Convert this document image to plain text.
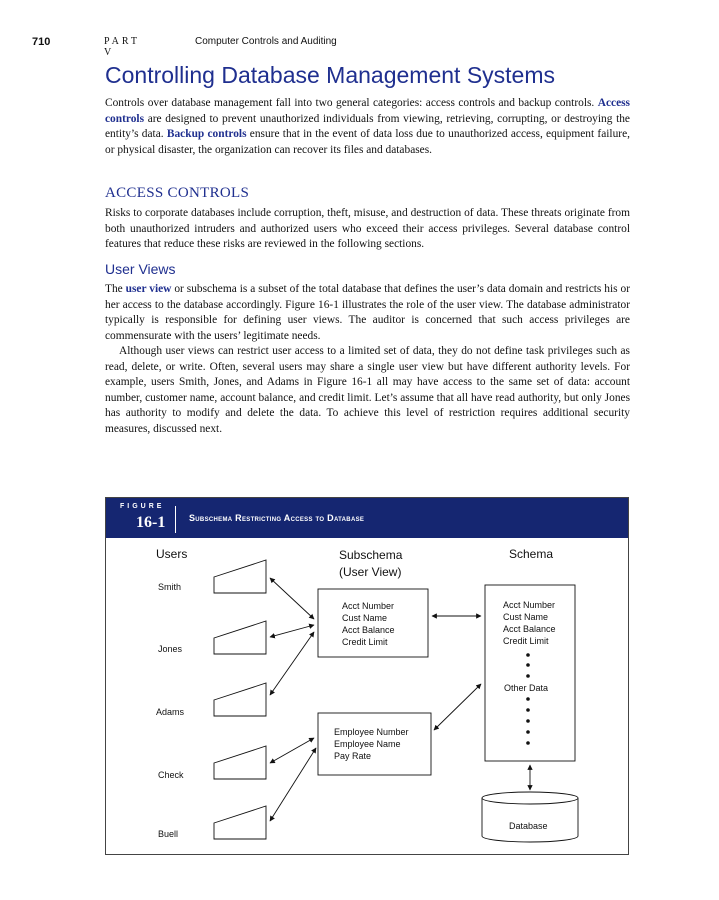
710	PART V
Computer Controls and Auditing
Controlling Database Management Systems

Controls over database management fall into two general categories: access controls and backup controls. Access controls are designed to prevent unauthorized individuals from viewing, retrieving, corrupting, or destroying the entity’s data. Backup controls ensure that in the event of data loss due to unauthorized access, equipment failure, or physical disaster, the organization can recover its files and databases.

ACCESS CONTROLS

Risks to corporate databases include corruption, theft, misuse, and destruction of data. These threats originate from both unauthorized intruders and authorized users who exceed their access privileges. Several database control features that reduce these risks are reviewed in the following sections.

User Views

The user view or subschema is a subset of the total database that defines the user’s data domain and restricts his or her access to the database accordingly. Figure 16-1 illustrates the role of the user view. The database administrator typically is responsible for defining user views. The auditor is concerned that such access privileges are commensurate with the users’ legitimate needs.

Although user views can restrict user access to a limited set of data, they do not define task privileges such as read, delete, or write. Often, several users may share a single user view but have different authority levels. For example, users Smith, Jones, and Adams in Figure 16-1 all may have access to the same set of data: account number, customer name, account balance, and credit limit. Let’s assume that all have read authority, but only Jones has authority to modify and delete the data. To achieve this level of restriction requires additional security measures, discussed next.

FIGURE
16-1	Subschema Restricting Access to Database
Users	Subschema
(User View)
Schema
Smith
Jones
Adams
Check
Buell
Acct Number
Cust Name
Acct Balance
Credit Limit
Employee Number
Employee Name
Pay Rate
Acct Number
Cust Name
Acct Balance
Credit Limit
Other Data
Database
